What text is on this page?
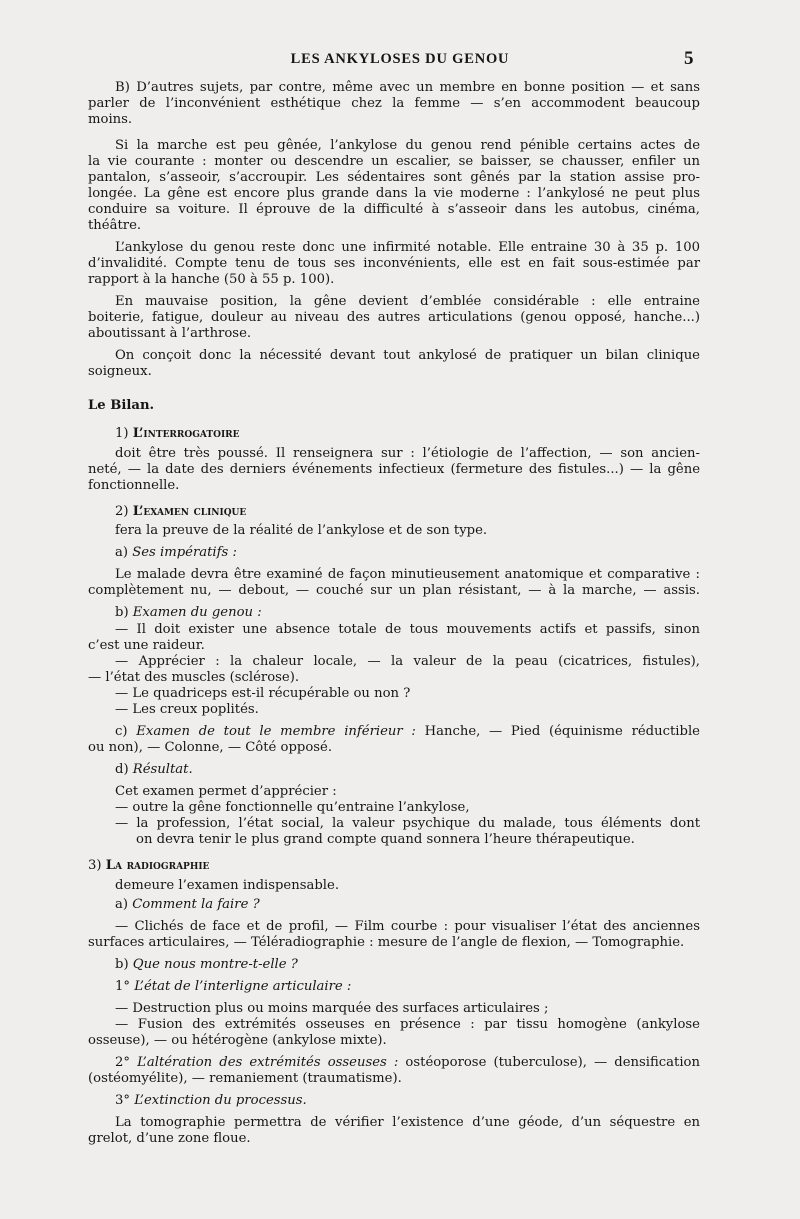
LES ANKYLOSES DU GENOU	5
B) D’autres sujets, par contre, même avec un membre en bonne position — et sans
parler de l’inconvénient esthétique chez la femme — s’en accommodent beaucoup
moins.
Si la marche est peu gênée, l’ankylose du genou rend pénible certains actes de
la vie courante : monter ou descendre un escalier, se baisser, se chausser, enfiler un
pantalon, s’asseoir, s’accroupir. Les sédentaires sont gênés par la station assise pro-
longée. La gêne est encore plus grande dans la vie moderne : l’ankylosé ne peut plus
conduire sa voiture. Il éprouve de la difficulté à s’asseoir dans les autobus, cinéma,
théâtre.
L’ankylose du genou reste donc une infirmité notable. Elle entraine 30 à 35 p. 100
d’invalidité. Compte tenu de tous ses inconvénients, elle est en fait sous-estimée par
rapport à la hanche (50 à 55 p. 100).
En mauvaise position, la gêne devient d’emblée considérable : elle entraine
boiterie, fatigue, douleur au niveau des autres articulations (genou opposé, hanche...)
aboutissant à l’arthrose.
On conçoit donc la nécessité devant tout ankylosé de pratiquer un bilan clinique
soigneux.
Le Bilan.
1) L’interrogatoire
doit être très poussé. Il renseignera sur : l’étiologie de l’affection, — son ancien-
neté, — la date des derniers événements infectieux (fermeture des fistules...) — la gêne
fonctionnelle.
2) L’examen clinique
fera la preuve de la réalité de l’ankylose et de son type.
a) Ses impératifs :
Le malade devra être examiné de façon minutieusement anatomique et comparative :
complètement nu, — debout, — couché sur un plan résistant, — à la marche, — assis.
b) Examen du genou :
— Il doit exister une absence totale de tous mouvements actifs et passifs, sinon
c’est une raideur.
— Apprécier : la chaleur locale, — la valeur de la peau (cicatrices, fistules),
— l’état des muscles (sclérose).
— Le quadriceps est-il récupérable ou non ?
— Les creux poplités.
c) Examen de tout le membre inférieur : Hanche, — Pied (équinisme réductible
ou non), — Colonne, — Côté opposé.
d) Résultat.
Cet examen permet d’apprécier :
— outre la gêne fonctionnelle qu’entraine l’ankylose,
— la profession, l’état social, la valeur psychique du malade, tous éléments dont
on devra tenir le plus grand compte quand sonnera l’heure thérapeutique.
3) La radiographie
demeure l’examen indispensable.
a) Comment la faire ?
— Clichés de face et de profil, — Film courbe : pour visualiser l’état des anciennes
surfaces articulaires, — Téléradiographie : mesure de l’angle de flexion, — Tomographie.
b) Que nous montre-t-elle ?
1° L’état de l’interligne articulaire :
— Destruction plus ou moins marquée des surfaces articulaires ;
— Fusion des extrémités osseuses en présence : par tissu homogène (ankylose
osseuse), — ou hétérogène (ankylose mixte).
2° L’altération des extrémités osseuses : ostéoporose (tuberculose), — densification
(ostéomyélite), — remaniement (traumatisme).
3° L’extinction du processus.
La tomographie permettra de vérifier l’existence d’une géode, d’un séquestre en
grelot, d’une zone floue.
